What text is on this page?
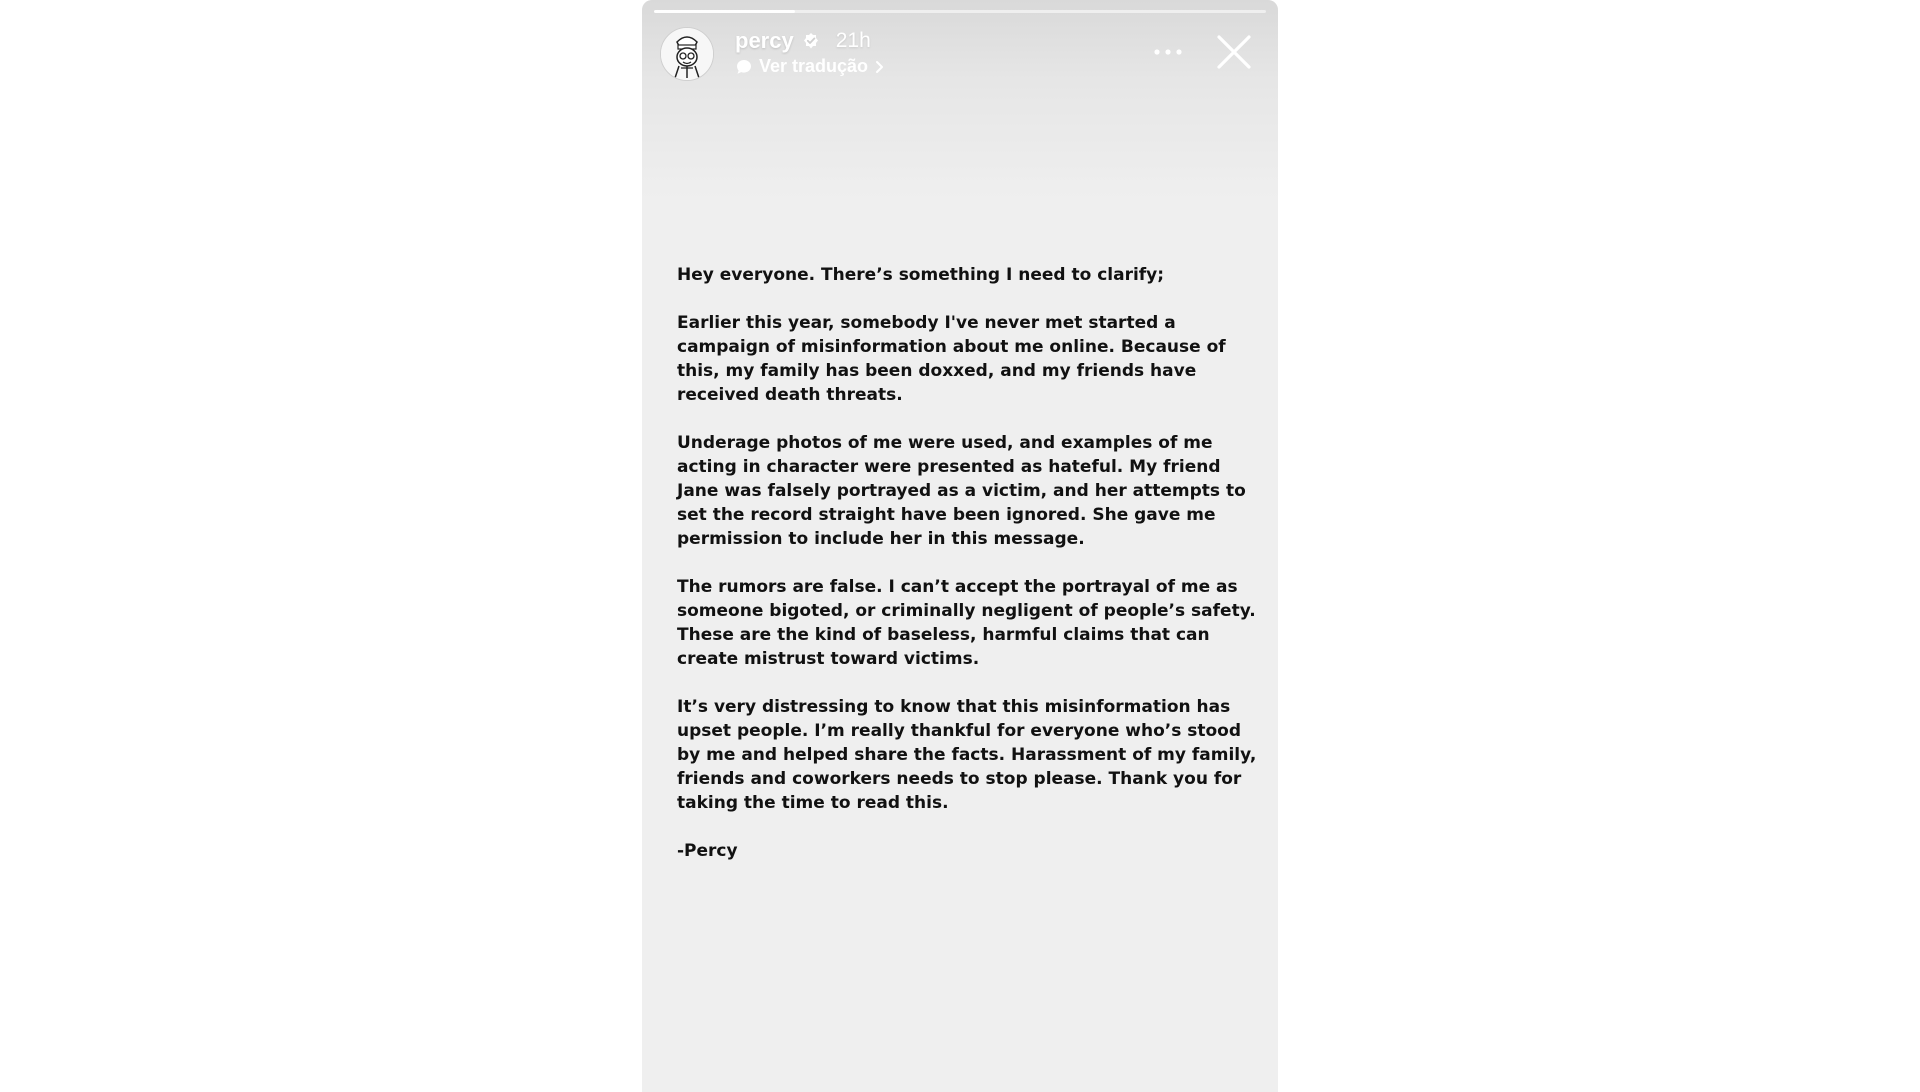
percy 21h
Ver tradução

Hey everyone. There’s something I need to clarify;

Earlier this year, somebody I've never met started a campaign of misinformation about me online. Because of this, my family has been doxxed, and my friends have received death threats.

Underage photos of me were used, and examples of me acting in character were presented as hateful. My friend Jane was falsely portrayed as a victim, and her attempts to set the record straight have been ignored. She gave me permission to include her in this message.

The rumors are false. I can’t accept the portrayal of me as someone bigoted, or criminally negligent of people’s safety. These are the kind of baseless, harmful claims that can create mistrust toward victims.

It’s very distressing to know that this misinformation has upset people. I’m really thankful for everyone who’s stood by me and helped share the facts. Harassment of my family, friends and coworkers needs to stop please. Thank you for taking the time to read this.

-Percy
